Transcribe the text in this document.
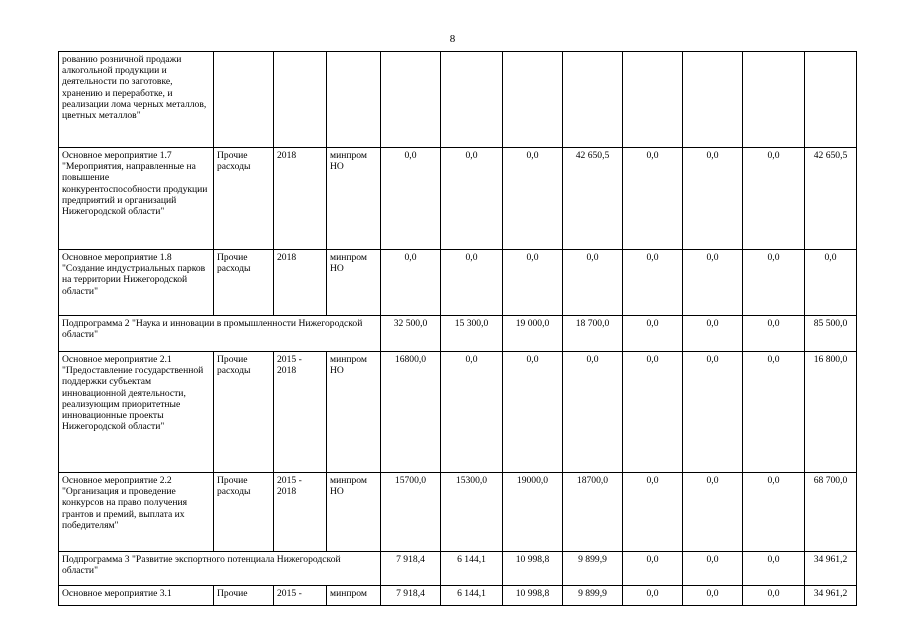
8
рованию розничной продажи алкогольной продукции и деятельности по заготовке, хранению и переработке, и реализации лома черных металлов, цветных металлов"											
Основное мероприятие 1.7 "Мероприятия, направленные на повышение конкурентоспособности продукции предприятий и организаций Нижегородской области"	Прочие расходы	2018	минпром НО	0,0	0,0	0,0	42 650,5	0,0	0,0	0,0	42 650,5
Основное мероприятие 1.8 "Создание индустриальных парков на территории Нижегородской области"	Прочие расходы	2018	минпром НО	0,0	0,0	0,0	0,0	0,0	0,0	0,0	0,0
Подпрограмма 2 "Наука и инновации в промышленности Нижегородской области"				32 500,0	15 300,0	19 000,0	18 700,0	0,0	0,0	0,0	85 500,0
Основное мероприятие 2.1 "Предоставление государственной поддержки субъектам инновационной деятельности, реализующим приоритетные инновационные проекты Нижегородской области"	Прочие расходы	2015 - 2018	минпром НО	16800,0	0,0	0,0	0,0	0,0	0,0	0,0	16 800,0
Основное мероприятие 2.2 "Организация и проведение конкурсов на право получения грантов и премий, выплата их победителям"	Прочие расходы	2015 - 2018	минпром НО	15700,0	15300,0	19000,0	18700,0	0,0	0,0	0,0	68 700,0
Подпрограмма 3 "Развитие экспортного потенциала Нижегородской области"				7 918,4	6 144,1	10 998,8	9 899,9	0,0	0,0	0,0	34 961,2
Основное мероприятие 3.1	Прочие	2015 -	минпром	7 918,4	6 144,1	10 998,8	9 899,9	0,0	0,0	0,0	34 961,2
